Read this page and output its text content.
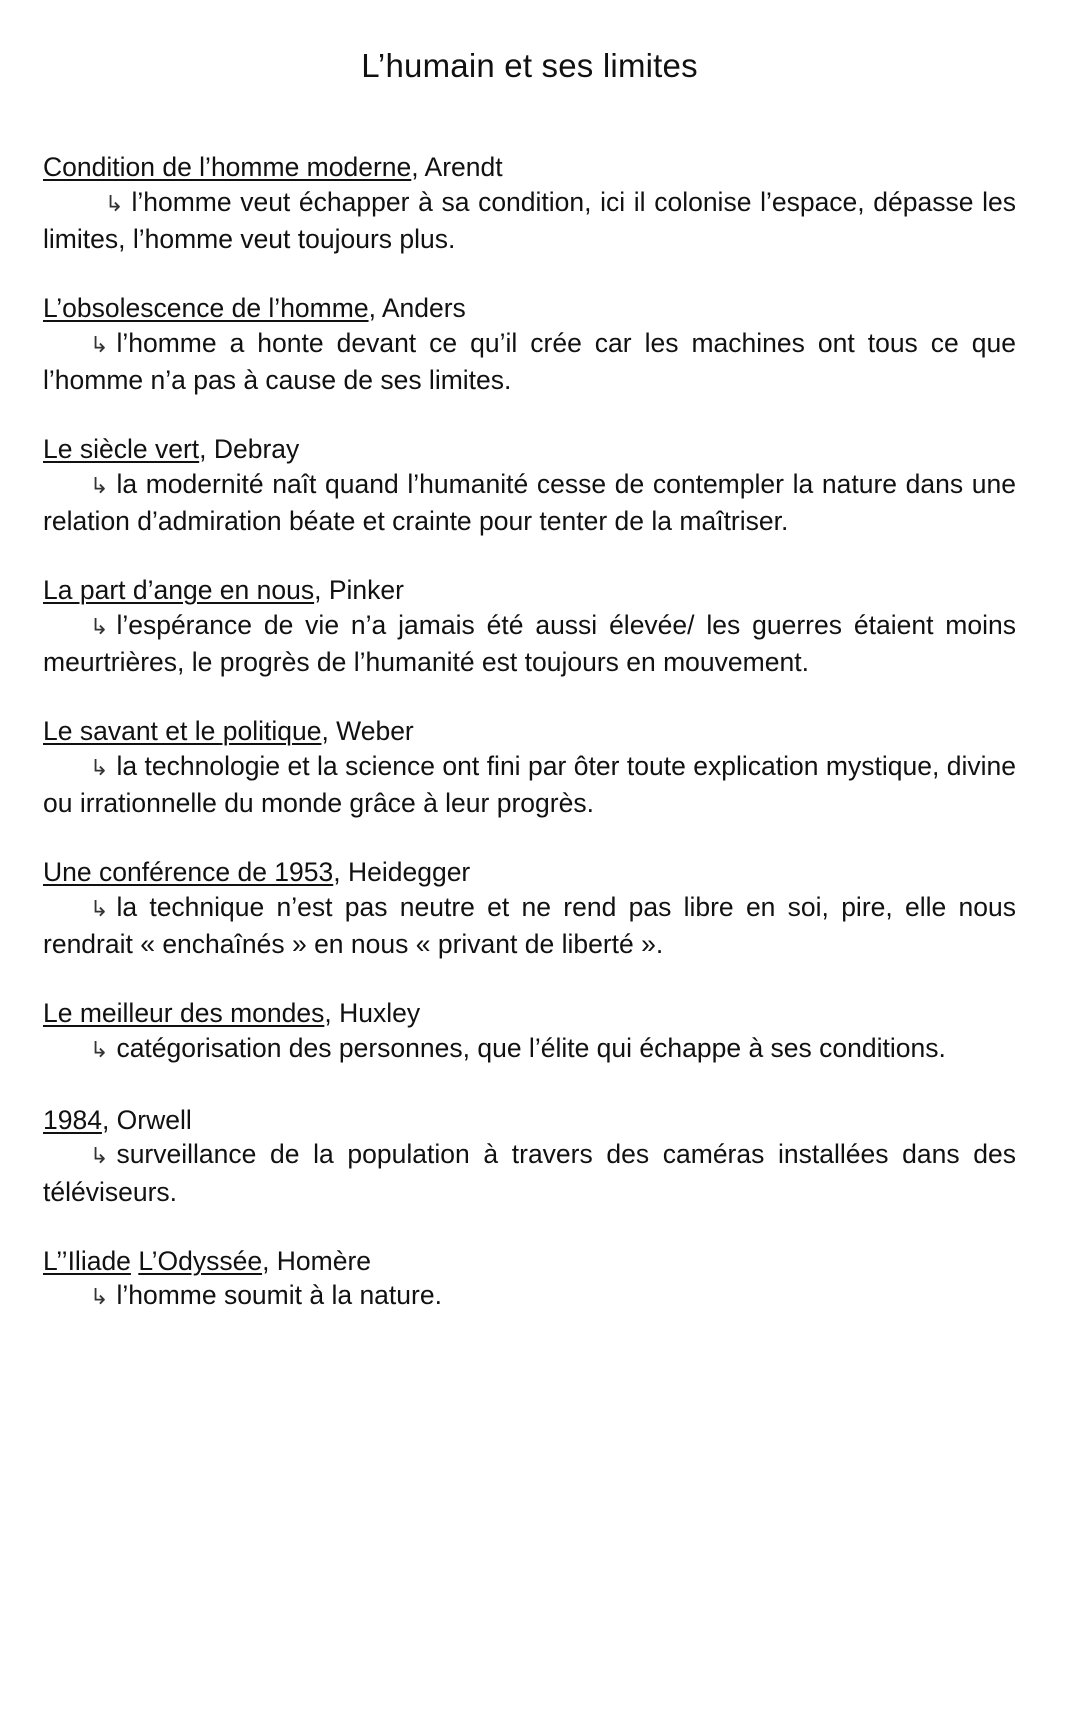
L’humain et ses limites
Condition de l’homme moderne, Arendt
↳ l’homme veut échapper à sa condition, ici il colonise l’espace, dépasse les limites, l’homme veut toujours plus.
L’obsolescence de l’homme, Anders
↳ l’homme a honte devant ce qu’il crée car les machines ont tous ce que l’homme n’a pas à cause de ses limites.
Le siècle vert, Debray
↳ la modernité naît quand l’humanité cesse de contempler la nature dans une relation d’admiration béate et crainte pour tenter de la maîtriser.
La part d’ange en nous, Pinker
↳ l’espérance de vie n’a jamais été aussi élevée/ les guerres étaient moins meurtrières, le progrès de l’humanité est toujours en mouvement.
Le savant et le politique, Weber
↳ la technologie et la science ont fini par ôter toute explication mystique, divine ou irrationnelle du monde grâce à leur progrès.
Une conférence de 1953, Heidegger
↳ la technique n’est pas neutre et ne rend pas libre en soi, pire, elle nous rendrait « enchaînés » en nous « privant de liberté ».
Le meilleur des mondes, Huxley
↳ catégorisation des personnes, que l’élite qui échappe à ses conditions.
1984, Orwell
↳ surveillance de la population à travers des caméras installées dans des téléviseurs.
L’’Iliade L’Odyssée, Homère
↳ l’homme soumit à la nature.
